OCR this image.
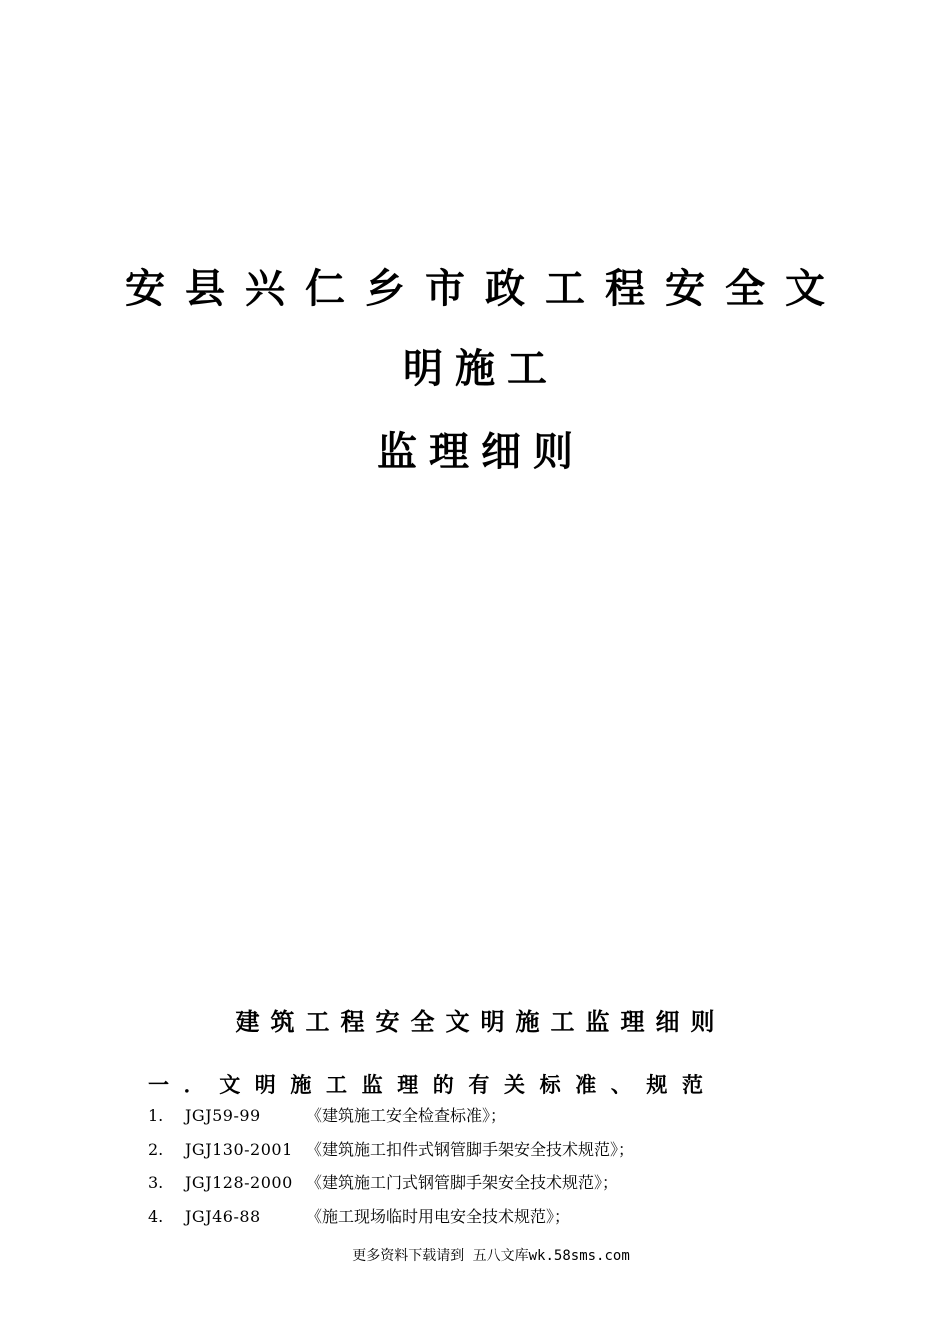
安县兴仁乡市政工程安全文
明施工
监理细则
建筑工程安全文明施工监理细则
一．文明施工监理的有关标准、规范
1.	JGJ59-99	《建筑施工安全检查标准》；
2.	JGJ130-2001 《建筑施工扣件式钢管脚手架安全技术规范》；
3.	JGJ128-2000 《建筑施工门式钢管脚手架安全技术规范》；
4.	JGJ46-88	《施工现场临时用电安全技术规范》；
更多资料下载请到 五八文库wk.58sms.com
